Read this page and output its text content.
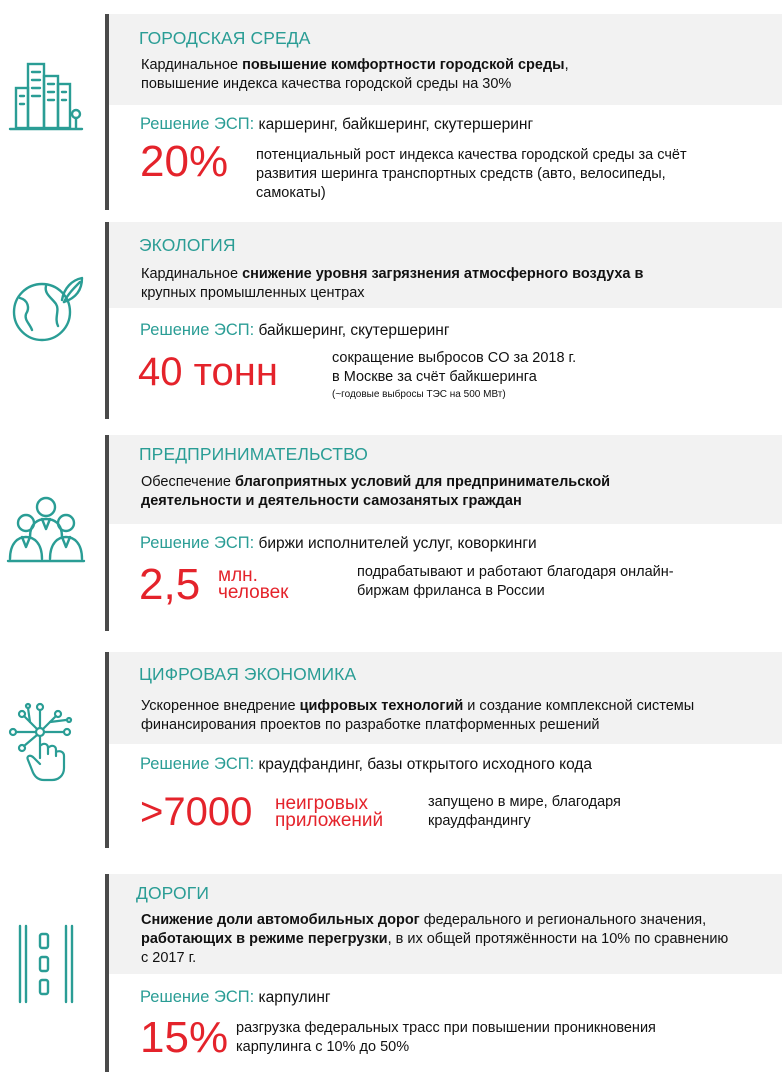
ГОРОДСКАЯ СРЕДА
Кардинальное повышение комфортности городской среды,
повышение индекса качества городской среды на 30%
Решение ЭСП: каршеринг, байкшеринг, скутершеринг
20% потенциальный рост индекса качества городской среды за счёт
развития шеринга транспортных средств (авто, велосипеды,
самокаты)
ЭКОЛОГИЯ
Кардинальное снижение уровня загрязнения атмосферного воздуха в
крупных промышленных центрах
Решение ЭСП: байкшеринг, скутершеринг
40 тонн	сокращение выбросов CO за 2018 г.
в Москве за счёт байкшеринга
(~годовые выбросы ТЭС на 500 МВт)
ПРЕДПРИНИМАТЕЛЬСТВО
Обеспечение благоприятных условий для предпринимательской
деятельности и деятельности самозанятых граждан
Решение ЭСП: биржи исполнителей услуг, коворкинги
2,5 млн.
человек
подрабатывают и работают благодаря онлайн-
биржам фриланса в России
ЦИФРОВАЯ ЭКОНОМИКА
Ускоренное внедрение цифровых технологий и создание комплексной системы
финансирования проектов по разработке платформенных решений
Решение ЭСП: краудфандинг, базы открытого исходного кода
>7000 неигровых
приложений
запущено в мире, благодаря
краудфандингу
ДОРОГИ
Снижение доли автомобильных дорог федерального и регионального значения,
работающих в режиме перегрузки, в их общей протяжённости на 10% по сравнению
с 2017 г.
Решение ЭСП: карпулинг
15% разгрузка федеральных трасс при повышении проникновения
карпулинга с 10% до 50%
